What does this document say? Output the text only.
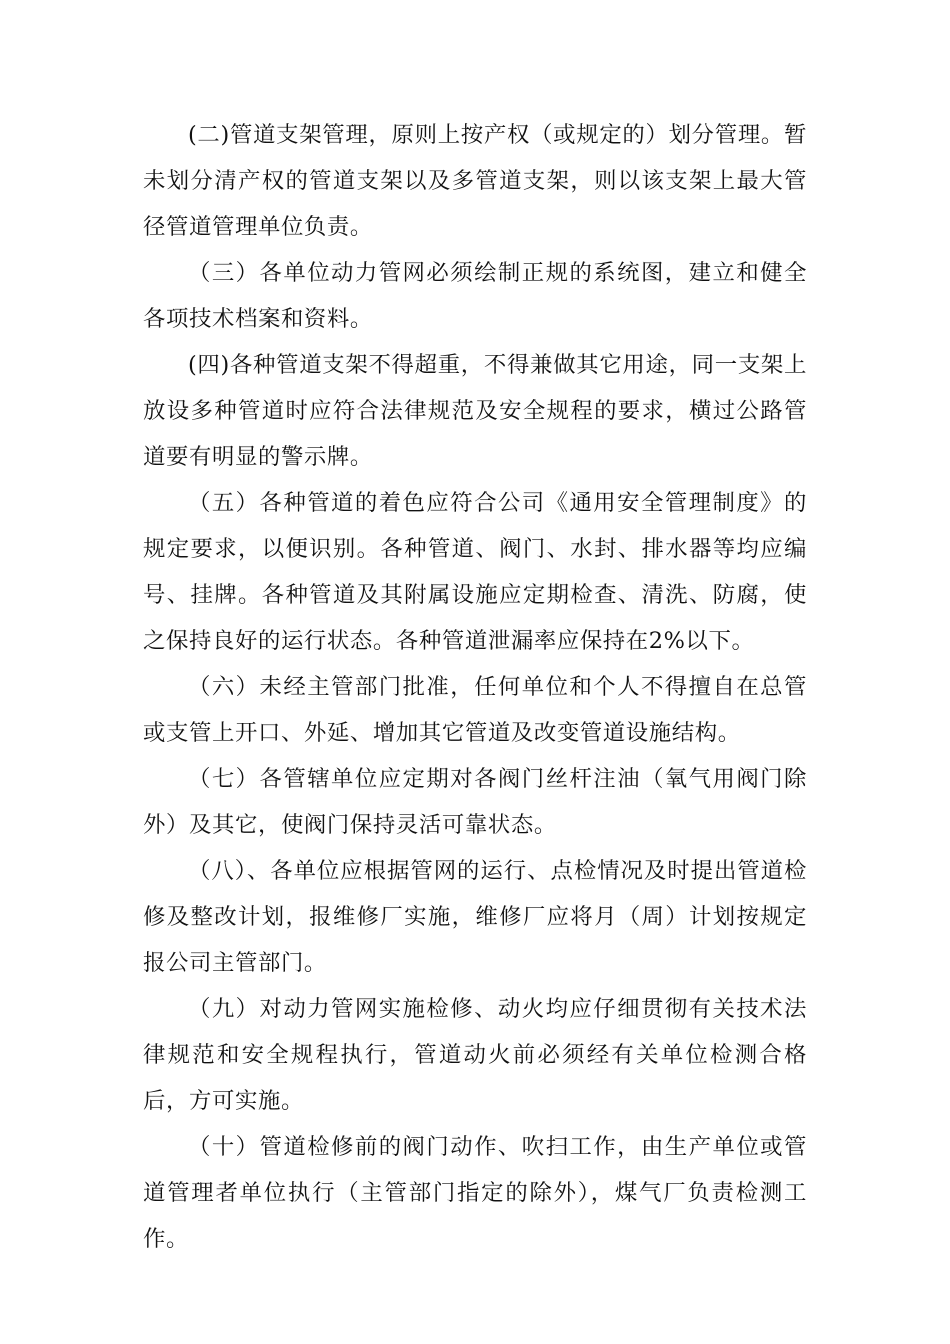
(二)管道支架管理，原则上按产权（或规定的）划分管理。暂未划分清产权的管道支架以及多管道支架，则以该支架上最大管径管道管理单位负责。

（三）各单位动力管网必须绘制正规的系统图，建立和健全各项技术档案和资料。

(四)各种管道支架不得超重，不得兼做其它用途，同一支架上放设多种管道时应符合法律规范及安全规程的要求，横过公路管道要有明显的警示牌。

（五）各种管道的着色应符合公司《通用安全管理制度》的规定要求，以便识别。各种管道、阀门、水封、排水器等均应编号、挂牌。各种管道及其附属设施应定期检查、清洗、防腐，使之保持良好的运行状态。各种管道泄漏率应保持在2%以下。

（六）未经主管部门批准，任何单位和个人不得擅自在总管或支管上开口、外延、增加其它管道及改变管道设施结构。

（七）各管辖单位应定期对各阀门丝杆注油（氧气用阀门除外）及其它，使阀门保持灵活可靠状态。

（八）、各单位应根据管网的运行、点检情况及时提出管道检修及整改计划，报维修厂实施，维修厂应将月（周）计划按规定报公司主管部门。

（九）对动力管网实施检修、动火均应仔细贯彻有关技术法律规范和安全规程执行，管道动火前必须经有关单位检测合格后，方可实施。

（十）管道检修前的阀门动作、吹扫工作，由生产单位或管道管理者单位执行（主管部门指定的除外），煤气厂负责检测工作。
